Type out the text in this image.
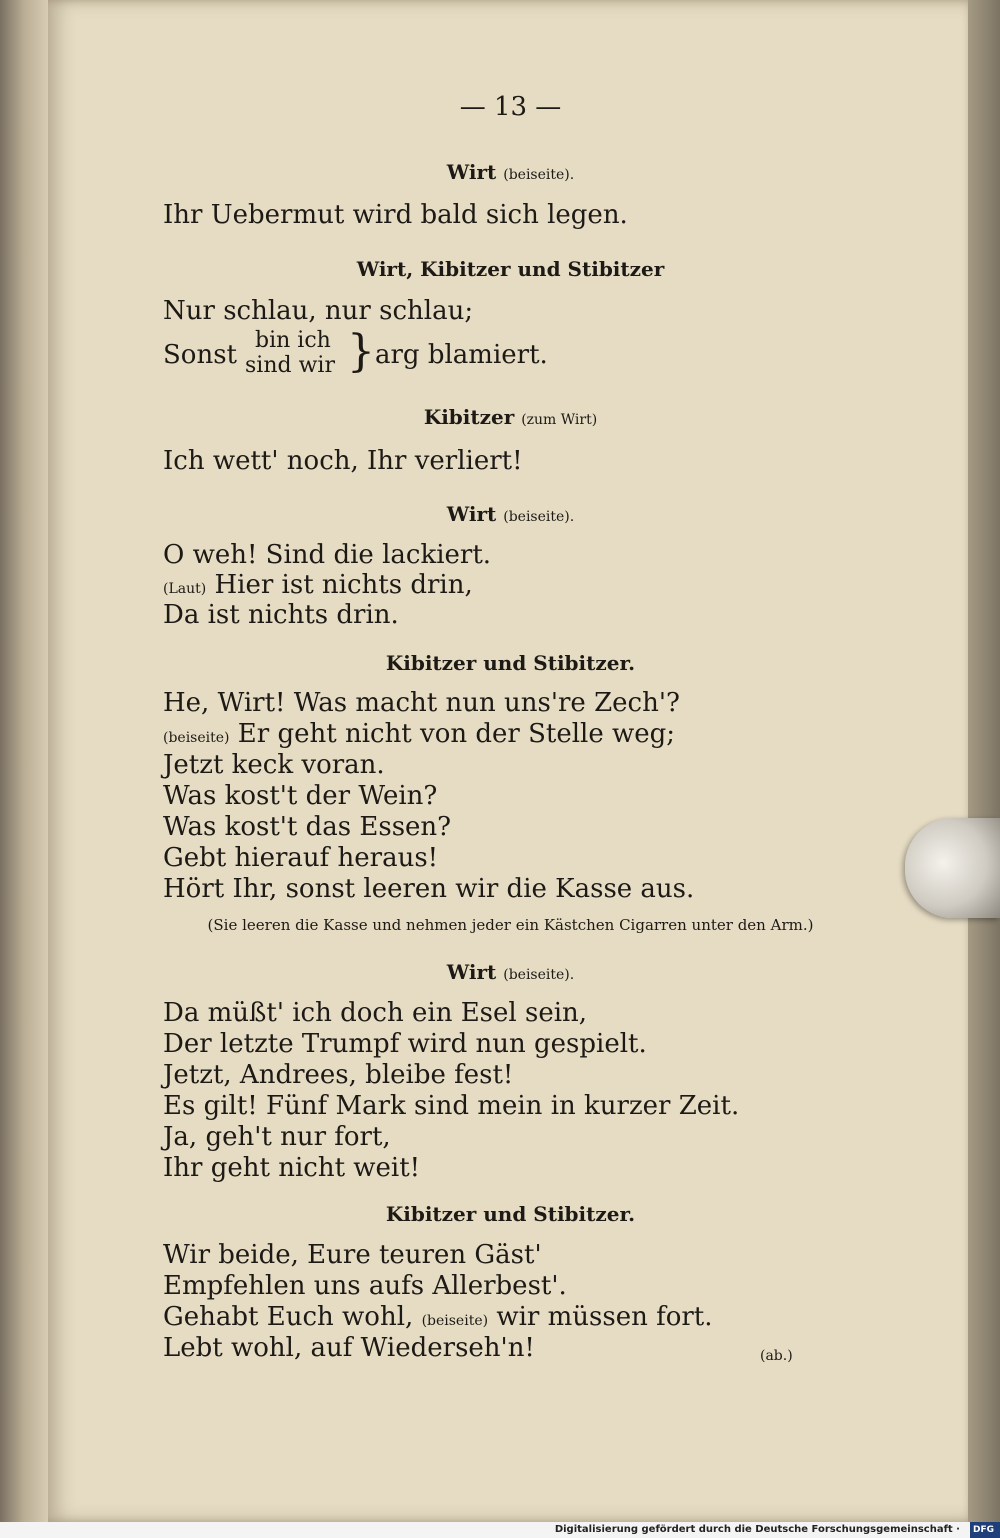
— 13 —
Wirt (beiseite).
Ihr Uebermut wird bald sich legen.
Wirt, Kibitzer und Stibitzer
Nur schlau, nur schlau;
Sonst bin ich
sind wir } arg blamiert.
Kibitzer (zum Wirt)
Ich wett' noch, Ihr verliert!
Wirt (beiseite).
O weh! Sind die lackiert.
(Laut) Hier ist nichts drin,
Da ist nichts drin.
Kibitzer und Stibitzer.
He, Wirt! Was macht nun uns're Zech'?
(beiseite) Er geht nicht von der Stelle weg;
Jetzt keck voran.
Was kost't der Wein?
Was kost't das Essen?
Gebt hierauf heraus!
Hört Ihr, sonst leeren wir die Kasse aus.
(Sie leeren die Kasse und nehmen jeder ein Kästchen Cigarren unter den Arm.)
Wirt (beiseite).
Da müßt' ich doch ein Esel sein,
Der letzte Trumpf wird nun gespielt.
Jetzt, Andrees, bleibe fest!
Es gilt! Fünf Mark sind mein in kurzer Zeit.
Ja, geh't nur fort,
Ihr geht nicht weit!
Kibitzer und Stibitzer.
Wir beide, Eure teuren Gäst'
Empfehlen uns aufs Allerbest'.
Gehabt Euch wohl, (beiseite) wir müssen fort.
Lebt wohl, auf Wiederseh'n!	(ab.)
Digitalisierung gefördert durch die Deutsche Forschungsgemeinschaft · DFG
